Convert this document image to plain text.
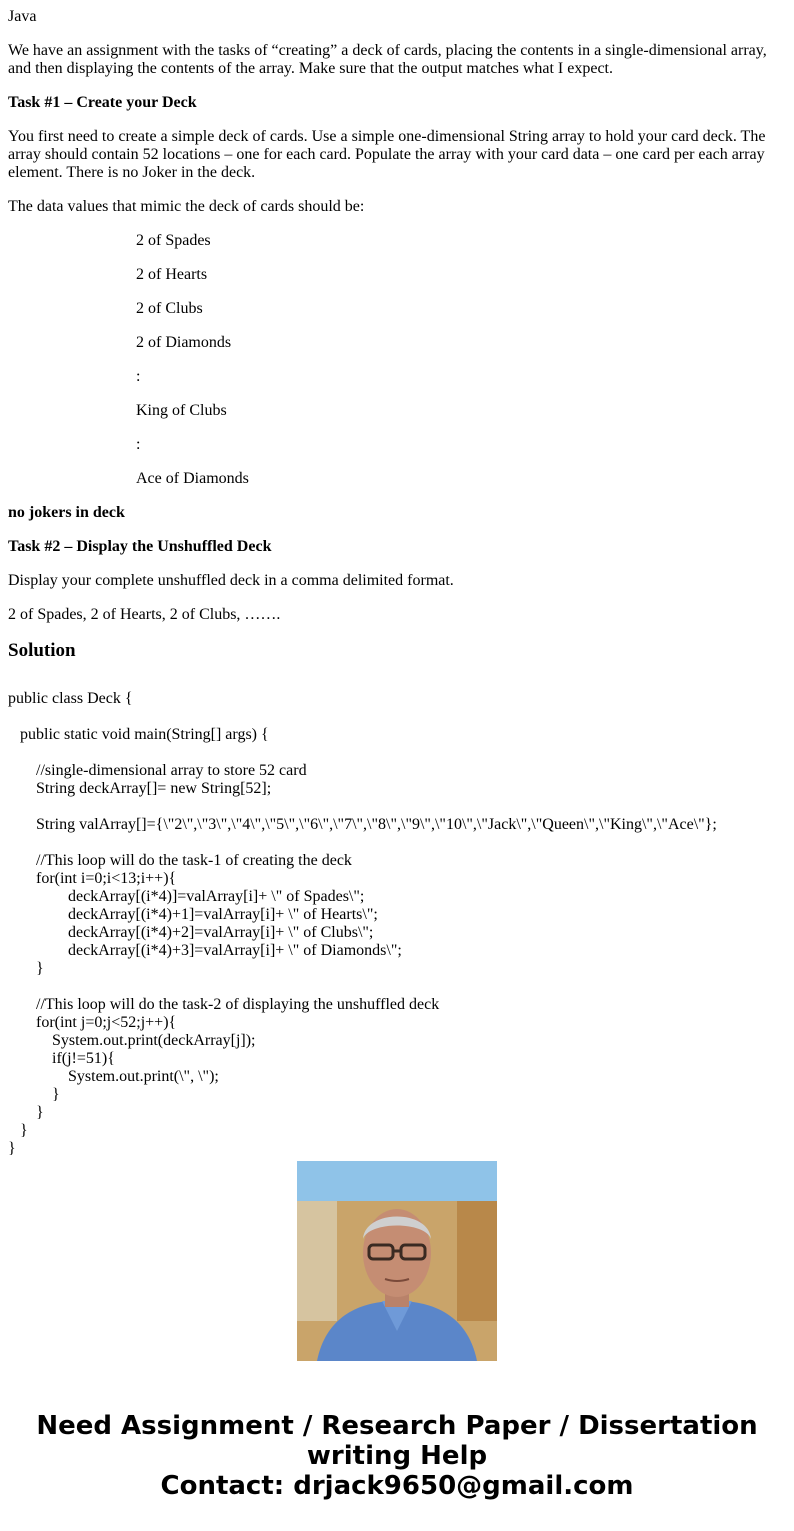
Java

We have an assignment with the tasks of “creating” a deck of cards, placing the contents in a single-dimensional array, and then displaying the contents of the array. Make sure that the output matches what I expect.

Task #1 – Create your Deck

You first need to create a simple deck of cards. Use a simple one-dimensional String array to hold your card deck. The array should contain 52 locations – one for each card. Populate the array with your card data – one card per each array element. There is no Joker in the deck.

The data values that mimic the deck of cards should be:

2 of Spades

2 of Hearts

2 of Clubs

2 of Diamonds

:

King of Clubs

:

Ace of Diamonds

no jokers in deck

Task #2 – Display the Unshuffled Deck

Display your complete unshuffled deck in a comma delimited format.

2 of Spades, 2 of Hearts, 2 of Clubs, …….

Solution
public class Deck {

public static void main(String[] args) {

//single-dimensional array to store 52 card
String deckArray[]= new String[52];

String valArray[]={\"2\",\"3\",\"4\",\"5\",\"6\",\"7\",\"8\",\"9\",\"10\",\"Jack\",\"Queen\",\"King\",\"Ace\"};

//This loop will do the task-1 of creating the deck
for(int i=0;i<13;i++){
deckArray[(i*4)]=valArray[i]+ \" of Spades\";
deckArray[(i*4)+1]=valArray[i]+ \" of Hearts\";
deckArray[(i*4)+2]=valArray[i]+ \" of Clubs\";
deckArray[(i*4)+3]=valArray[i]+ \" of Diamonds\";
}

//This loop will do the task-2 of displaying the unshuffled deck
for(int j=0;j<52;j++){
System.out.print(deckArray[j]);
if(j!=51){
System.out.print(\", \");
}
}
}
}
Need Assignment / Research Paper / Dissertation
writing Help
Contact: drjack9650@gmail.com
